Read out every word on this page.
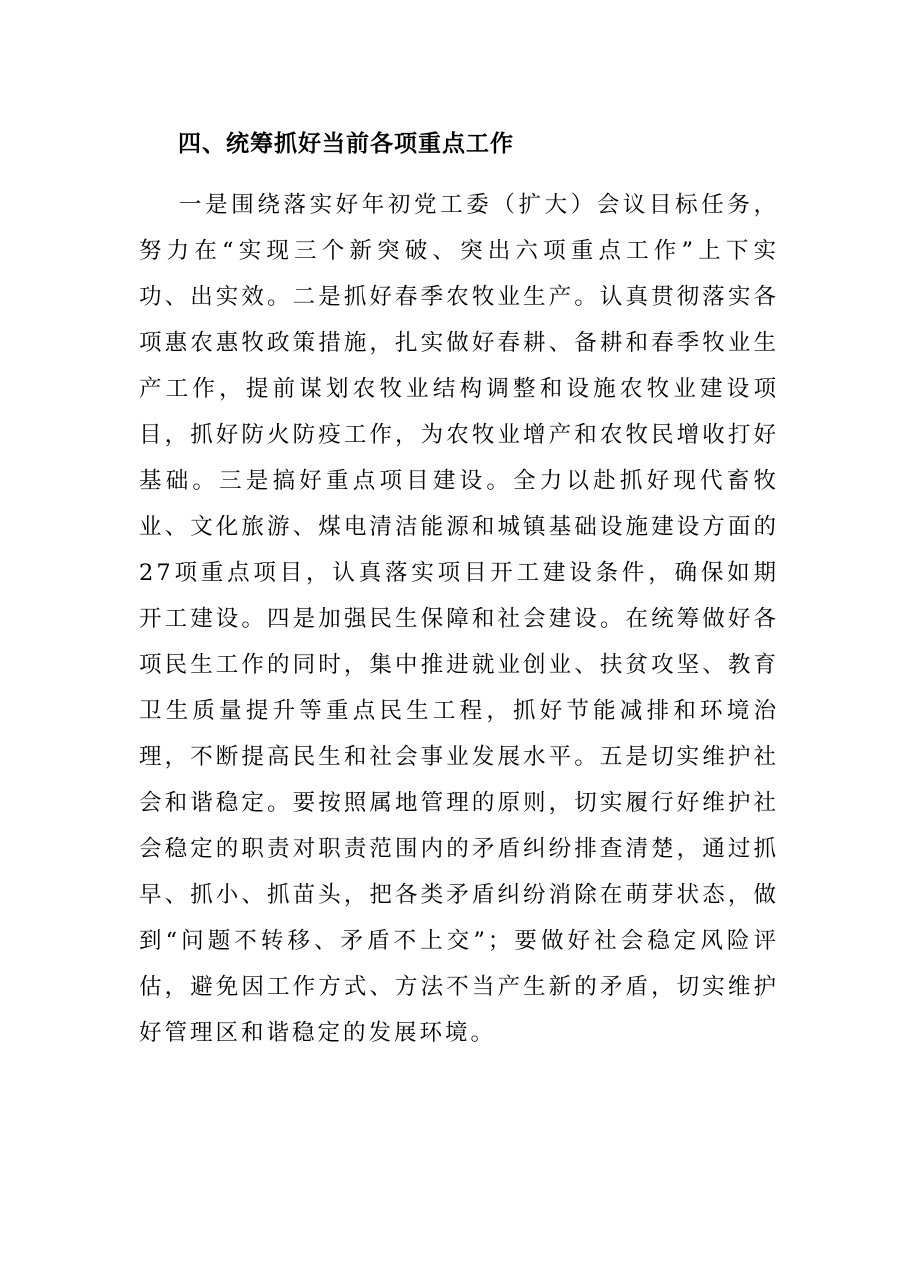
四、统筹抓好当前各项重点工作

一是围绕落实好年初党工委（扩大）会议目标任务，努力在“实现三个新突破、突出六项重点工作”上下实功、出实效。二是抓好春季农牧业生产。认真贯彻落实各项惠农惠牧政策措施，扎实做好春耕、备耕和春季牧业生产工作，提前谋划农牧业结构调整和设施农牧业建设项目，抓好防火防疫工作，为农牧业增产和农牧民增收打好基础。三是搞好重点项目建设。全力以赴抓好现代畜牧业、文化旅游、煤电清洁能源和城镇基础设施建设方面的27项重点项目，认真落实项目开工建设条件，确保如期开工建设。四是加强民生保障和社会建设。在统筹做好各项民生工作的同时，集中推进就业创业、扶贫攻坚、教育卫生质量提升等重点民生工程，抓好节能减排和环境治理，不断提高民生和社会事业发展水平。五是切实维护社会和谐稳定。要按照属地管理的原则，切实履行好维护社会稳定的职责对职责范围内的矛盾纠纷排查清楚，通过抓早、抓小、抓苗头，把各类矛盾纠纷消除在萌芽状态，做到“问题不转移、矛盾不上交”；要做好社会稳定风险评估，避免因工作方式、方法不当产生新的矛盾，切实维护好管理区和谐稳定的发展环境。
